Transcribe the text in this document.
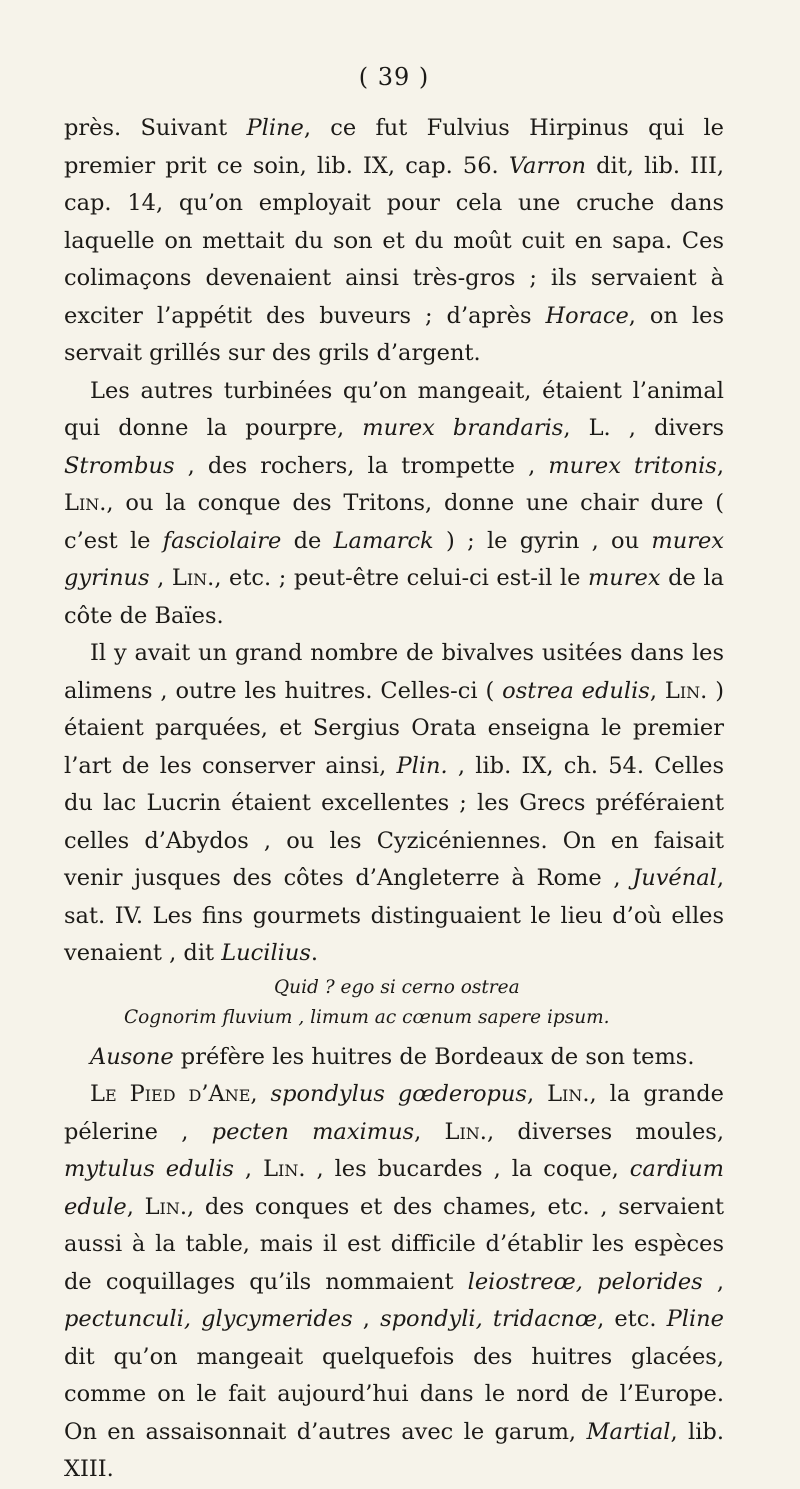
( 39 )

près. Suivant Pline, ce fut Fulvius Hirpinus qui le premier prit ce soin, lib. IX, cap. 56. Varron dit, lib. III, cap. 14, qu’on employait pour cela une cruche dans laquelle on mettait du son et du moût cuit en sapa. Ces colimaçons devenaient ainsi très-gros ; ils servaient à exciter l’appétit des buveurs ; d’après Horace, on les servait grillés sur des grils d’argent.

Les autres turbinées qu’on mangeait, étaient l’animal qui donne la pourpre, murex brandaris, L. , divers Strombus , des rochers, la trompette , murex tritonis, Lin., ou la conque des Tritons, donne une chair dure ( c’est le fasciolaire de Lamarck ) ; le gyrin , ou murex gyrinus , Lin., etc. ; peut-être celui-ci est-il le murex de la côte de Baïes.

Il y avait un grand nombre de bivalves usitées dans les alimens , outre les huitres. Celles-ci ( ostrea edulis, Lin. ) étaient parquées, et Sergius Orata enseigna le premier l’art de les conserver ainsi, Plin. , lib. IX, ch. 54. Celles du lac Lucrin étaient excellentes ; les Grecs préféraient celles d’Abydos , ou les Cyzicéniennes. On en faisait venir jusques des côtes d’Angleterre à Rome , Juvénal, sat. IV. Les fins gourmets distinguaient le lieu d’où elles venaient , dit Lucilius.

Quid ? ego si cerno ostrea
Cognorim fluvium , limum ac cœnum sapere ipsum.

Ausone préfère les huitres de Bordeaux de son tems.

Le Pied d’Ane, spondylus gœderopus, Lin., la grande pélerine , pecten maximus, Lin., diverses moules, mytulus edulis , Lin. , les bucardes , la coque, cardium edule, Lin., des conques et des chames, etc. , servaient aussi à la table, mais il est difficile d’établir les espèces de coquillages qu’ils nommaient leiostreœ, pelorides , pectunculi, glycymerides , spondyli, tridacnœ, etc. Pline dit qu’on mangeait quelquefois des huitres glacées, comme on le fait aujourd’hui dans le nord de l’Europe. On en assaisonnait d’autres avec le garum, Martial, lib. XIII.
